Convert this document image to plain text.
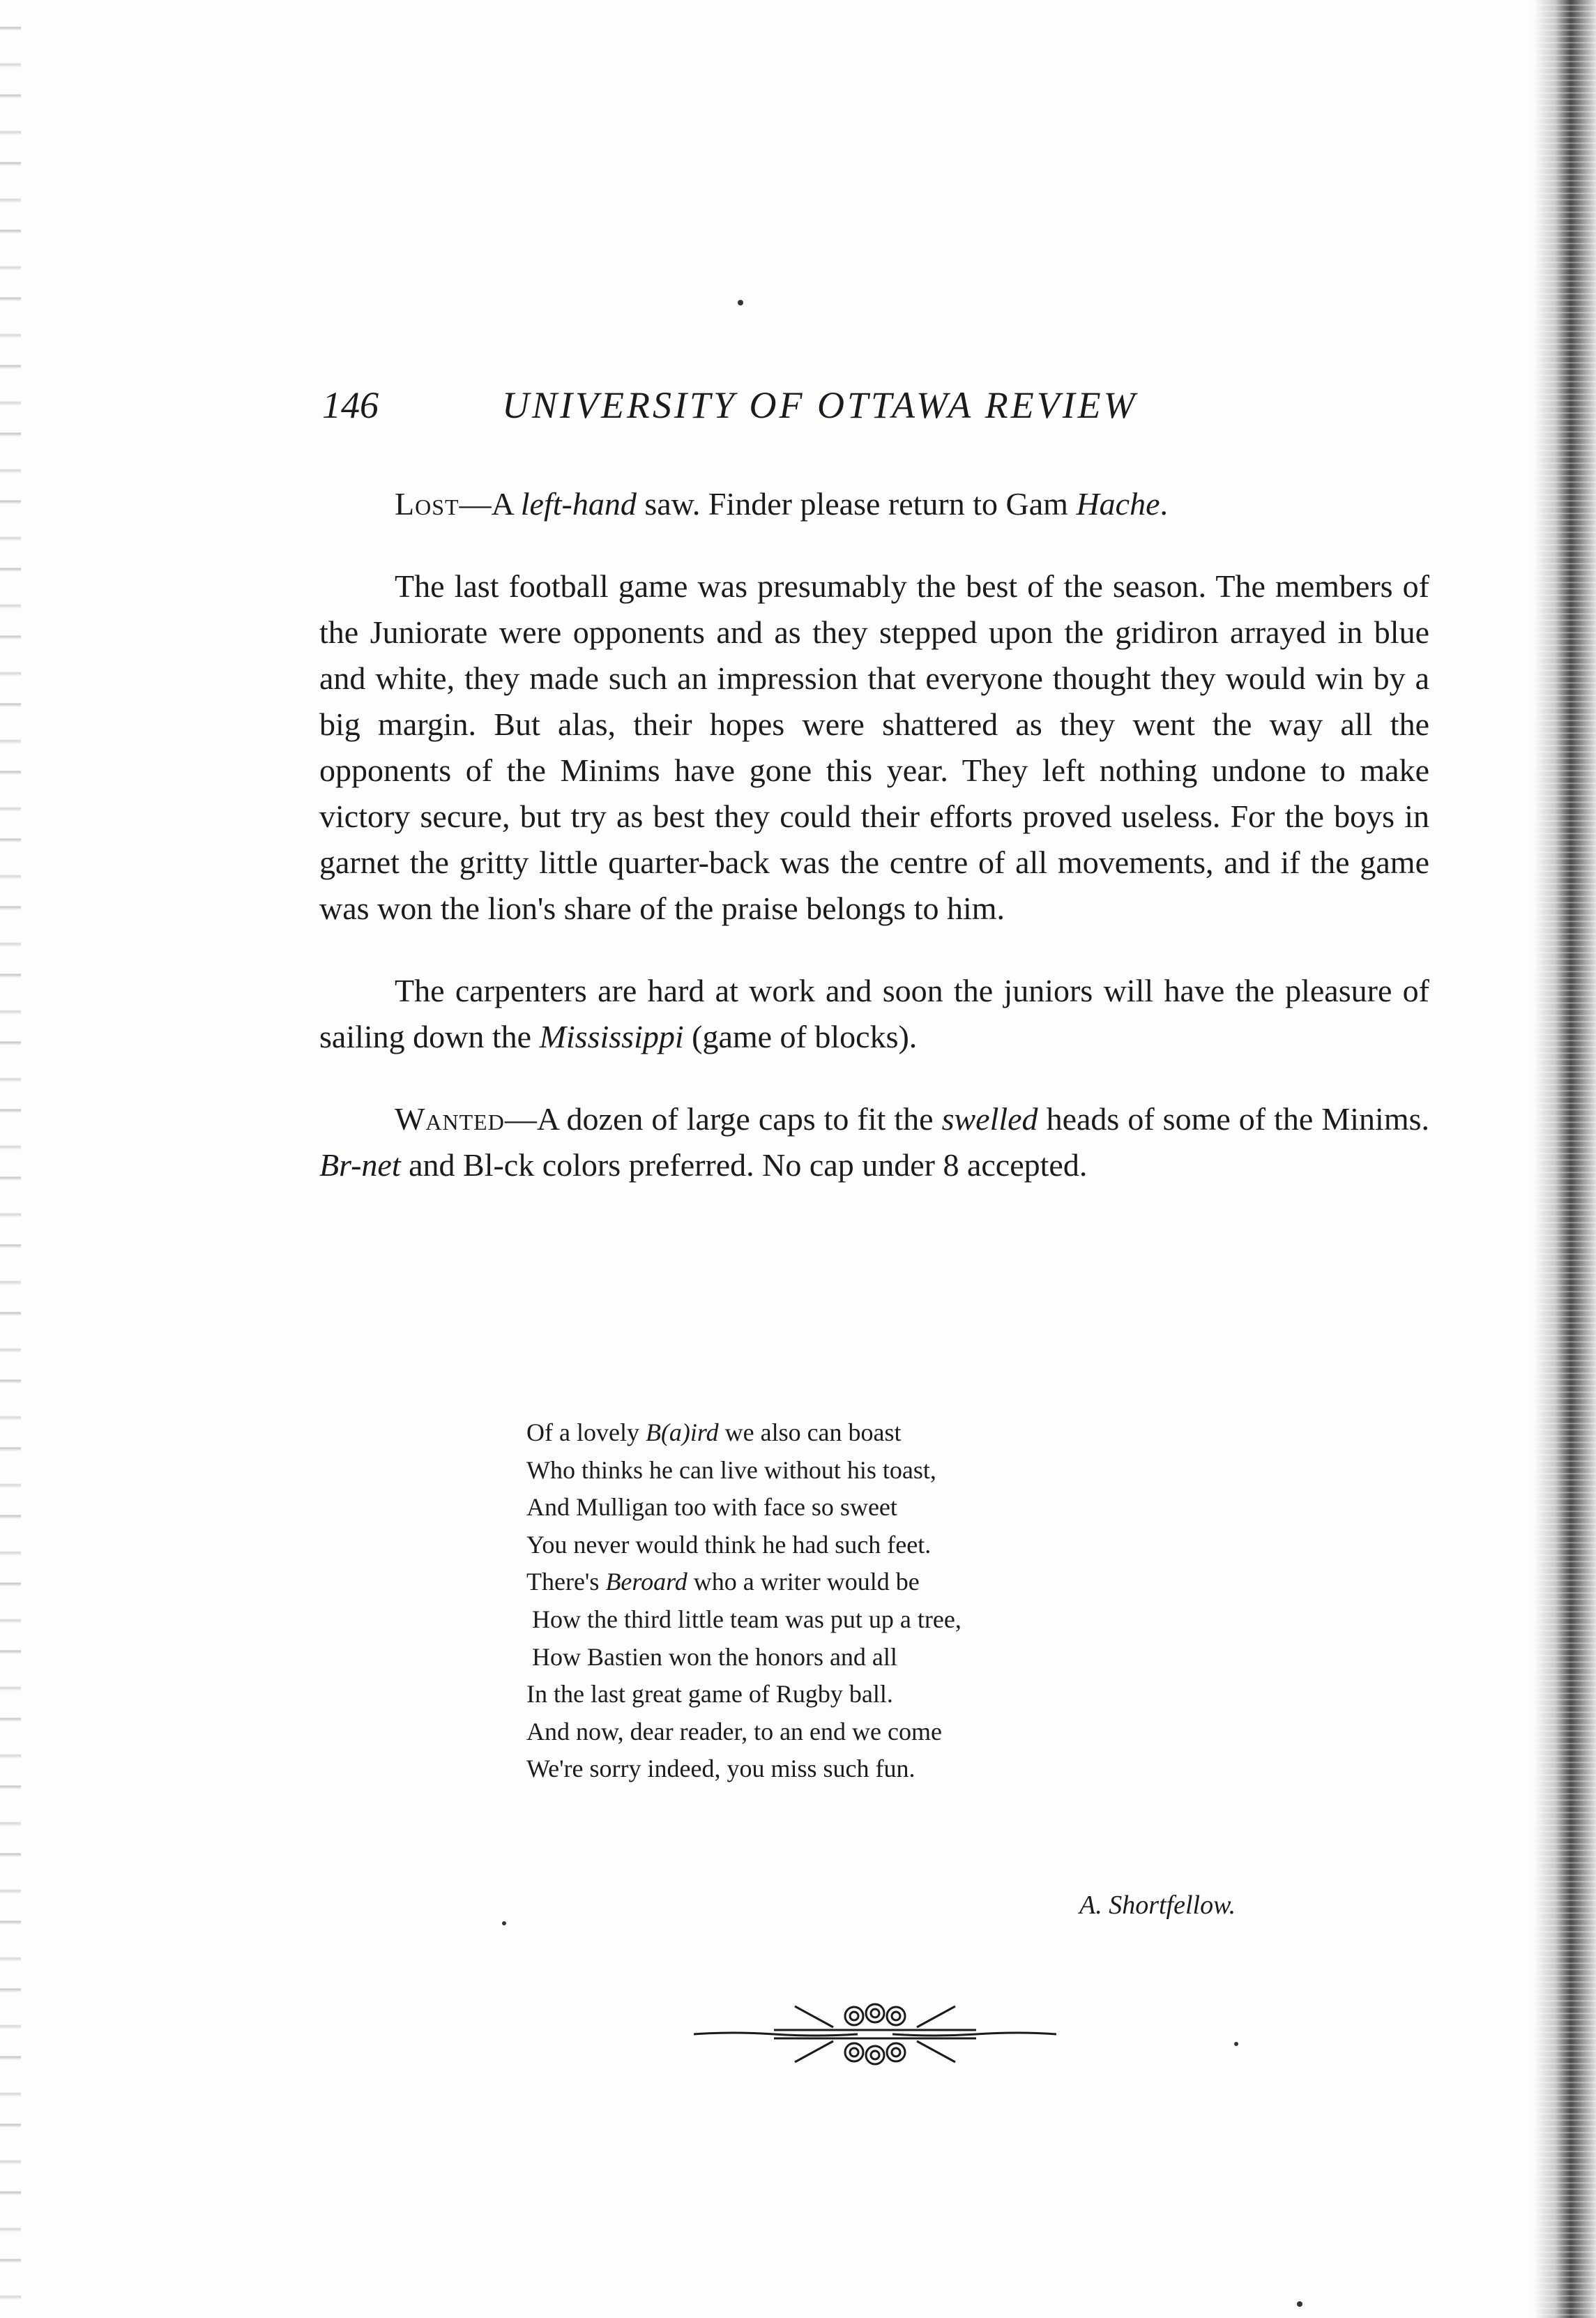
146	UNIVERSITY OF OTTAWA REVIEW

Lost—A left-hand saw. Finder please return to Gam Hache.

The last football game was presumably the best of the season. The members of the Juniorate were opponents and as they stepped upon the gridiron arrayed in blue and white, they made such an impression that everyone thought they would win by a big margin. But alas, their hopes were shattered as they went the way all the opponents of the Minims have gone this year. They left nothing undone to make victory secure, but try as best they could their efforts proved useless. For the boys in garnet the gritty little quarter-back was the centre of all movements, and if the game was won the lion's share of the praise belongs to him.

The carpenters are hard at work and soon the juniors will have the pleasure of sailing down the Mississippi (game of blocks).

Wanted—A dozen of large caps to fit the swelled heads of some of the Minims. Br-net and Bl-ck colors preferred. No cap under 8 accepted.

Of a lovely B(a)ird we also can boast
Who thinks he can live without his toast,
And Mulligan too with face so sweet
You never would think he had such feet.
There's Beroard who a writer would be
How the third little team was put up a tree,
How Bastien won the honors and all
In the last great game of Rugby ball.
And now, dear reader, to an end we come
We're sorry indeed, you miss such fun.
A. Shortfellow.
